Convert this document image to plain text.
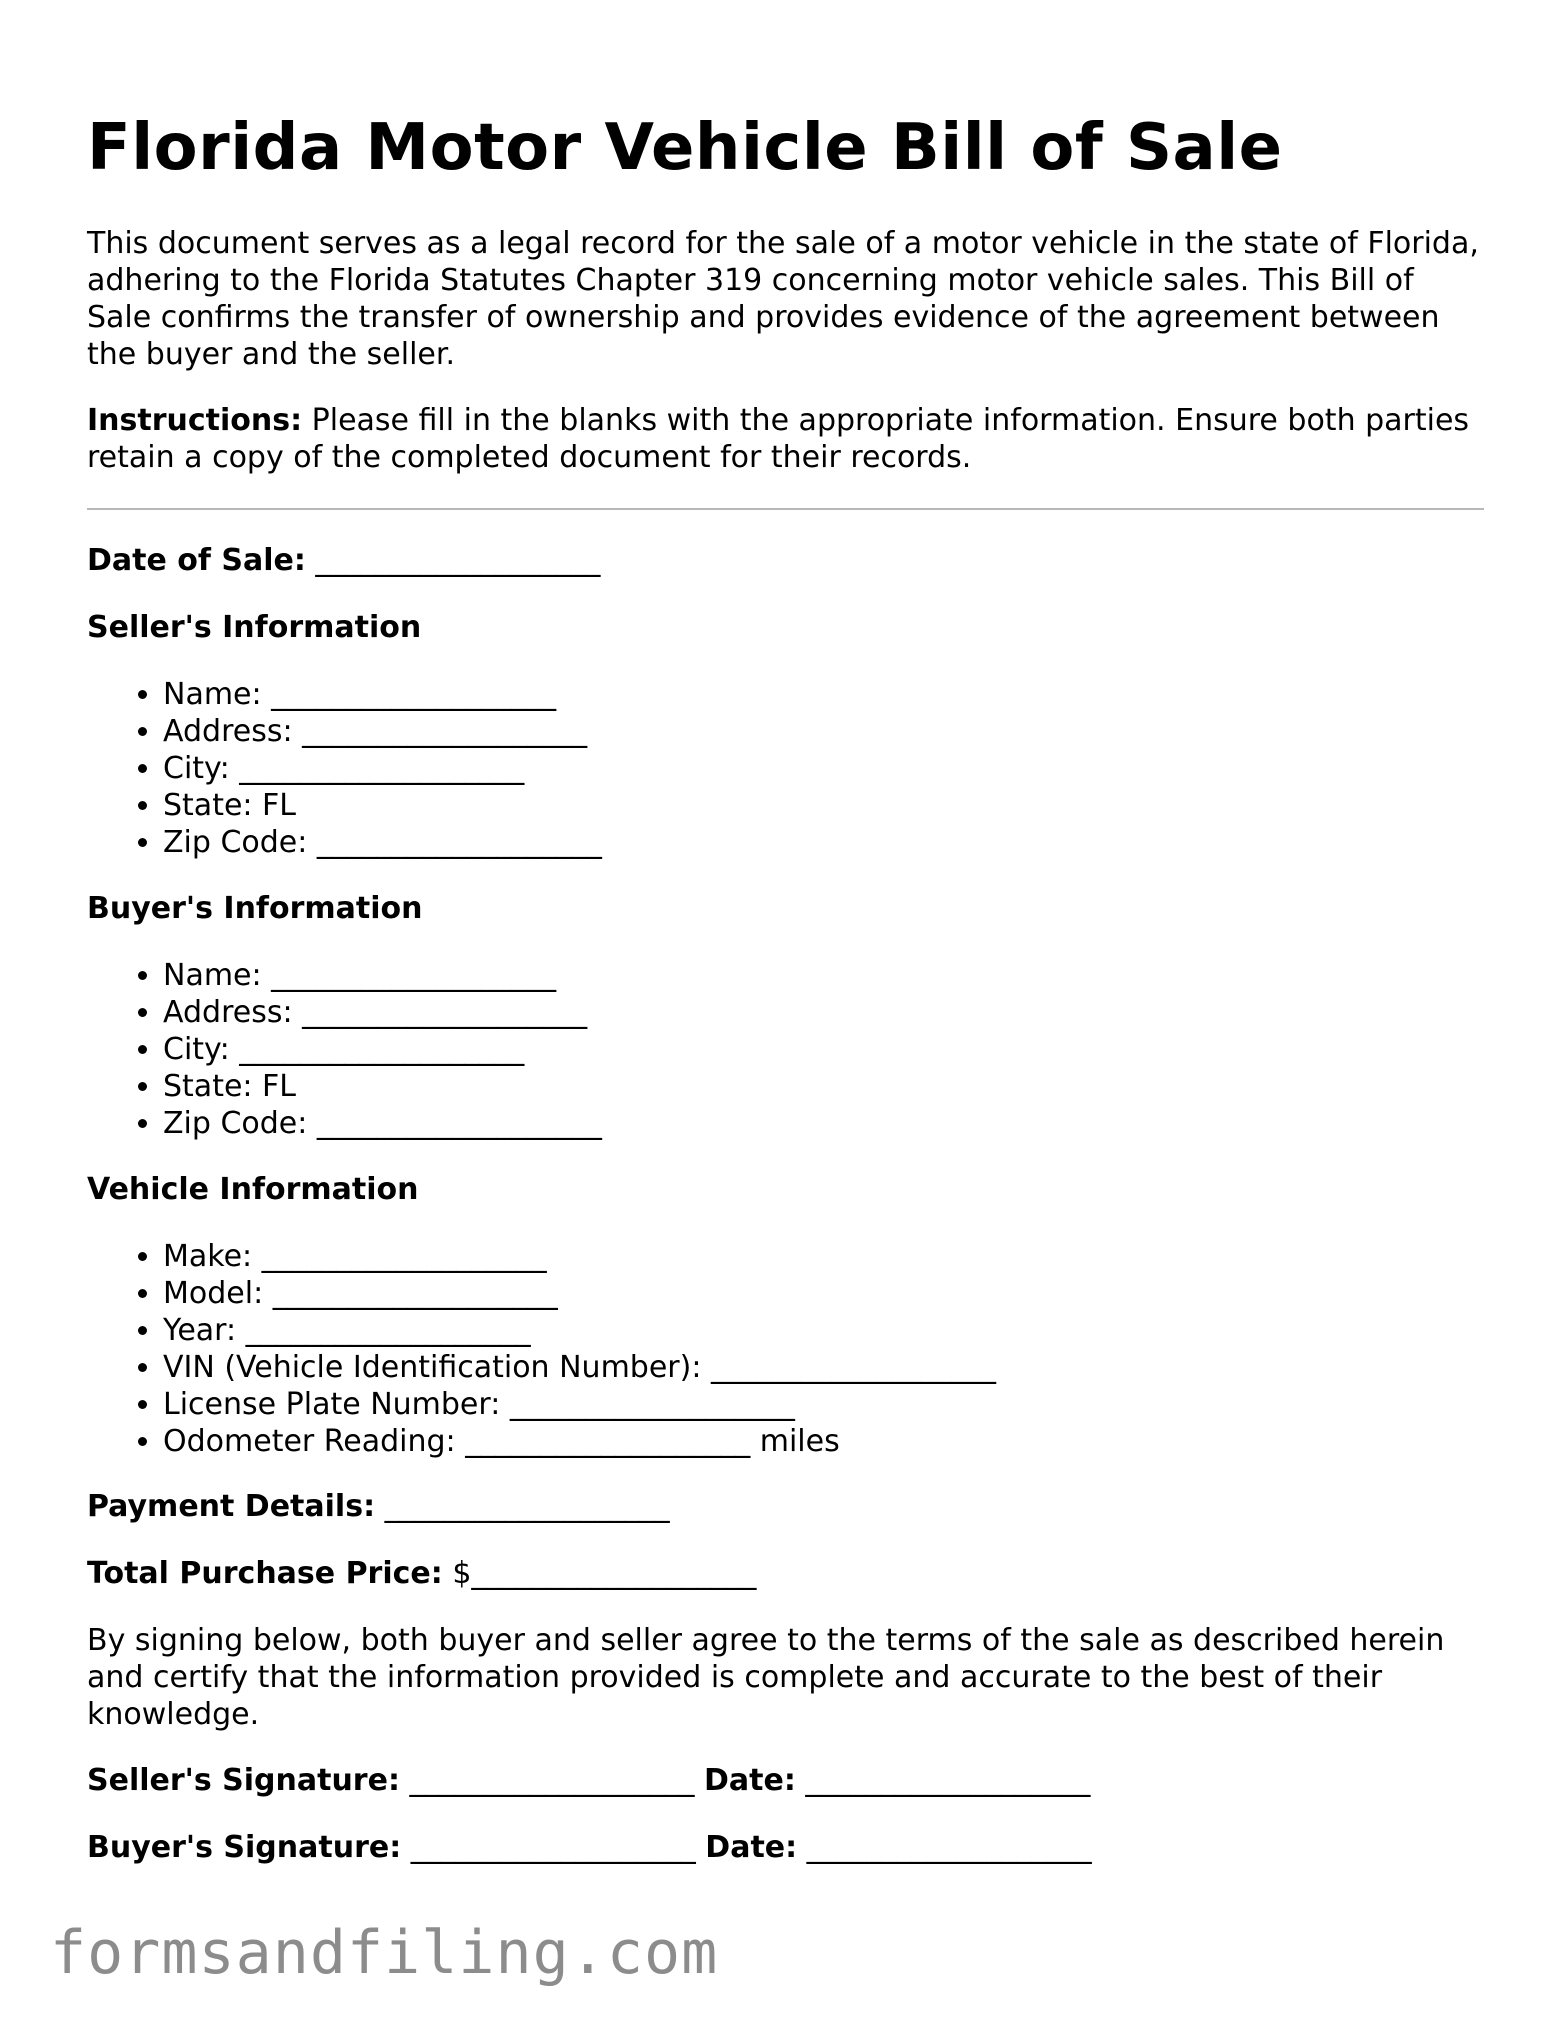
Florida Motor Vehicle Bill of Sale

This document serves as a legal record for the sale of a motor vehicle in the state of Florida, adhering to the Florida Statutes Chapter 319 concerning motor vehicle sales. This Bill of Sale confirms the transfer of ownership and provides evidence of the agreement between the buyer and the seller.

Instructions: Please fill in the blanks with the appropriate information. Ensure both parties retain a copy of the completed document for their records.

Date of Sale: ___________________

Seller's Information

• Name: ___________________
• Address: ___________________
• City: ___________________
• State: FL
• Zip Code: ___________________

Buyer's Information

• Name: ___________________
• Address: ___________________
• City: ___________________
• State: FL
• Zip Code: ___________________

Vehicle Information

• Make: ___________________
• Model: ___________________
• Year: ___________________
• VIN (Vehicle Identification Number): ___________________
• License Plate Number: ___________________
• Odometer Reading: ___________________ miles

Payment Details: ___________________

Total Purchase Price: $___________________

By signing below, both buyer and seller agree to the terms of the sale as described herein and certify that the information provided is complete and accurate to the best of their knowledge.

Seller's Signature: ___________________ Date: ___________________

Buyer's Signature: ___________________ Date: ___________________

formsandfiling.com
